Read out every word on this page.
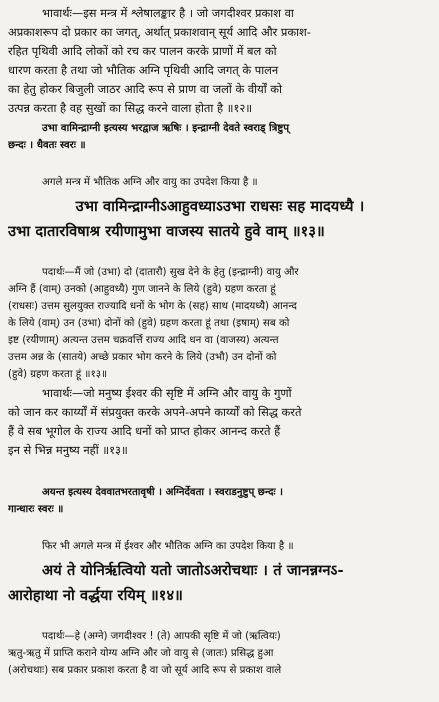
भावार्थः—इस मन्त्र में श्लेषालङ्कार है । जो जगदीश्वर प्रकाश वा
अप्रकाशरूप दो प्रकार का जगत्, अर्थात् प्रकाशवान् सूर्य आदि और प्रकाश-
रहित पृथिवी आदि लोकों को रच कर पालन करके प्राणों में बल को
धारण करता है तथा जो भौतिक अग्नि पृथिवी आदि जगत् के पालन
का हेतु होकर बिजुली जाठर आदि रूप से प्राण वा जलों के वीर्यों को
उत्पन्न करता है वह सुखों का सिद्ध करने वाला होता है ॥१२॥
उभा वामिन्द्राग्नी इत्यस्य भरद्वाज ऋषिः । इन्द्राग्नी देवते स्वराड् त्रिष्टुप्
छन्दः । धैवतः स्वरः ॥
अगले मन्त्र में भौतिक अग्नि और वायु का उपदेश किया है ॥
उभा वामिन्द्राग्नीऽआहुवध्याऽउभा राधसः सह मादयध्यै ।
उभा दातारविषाश्र रयीणामुभा वाजस्य सातये हुवे वाम् ॥१३॥
पदार्थः—मैं जो (उभा) दो (दातारौ) सुख देने के हेतु (इन्द्राग्नी) वायु और
अग्नि हैं (वाम्) उनको (आहुवध्यै) गुण जानने के लिये (हुवे) ग्रहण करता हूं
(राधसः) उत्तम सुलयुक्त राज्यादि धनों के भोग के (सह) साथ (मादयध्यै) आनन्द
के लिये (वाम्) उन (उभा) दोनों को (हुवे) ग्रहण करता हूं तथा (इषाम्) सब को
इष्ट (रयीणाम्) अत्यन्त उत्तम चक्रवर्त्ति राज्य आदि धन वा (वाजस्य) अत्यन्त
उत्तम अन्न के (सातये) अच्छे प्रकार भोग करने के लिये (उभौ) उन दोनों को
(हुवे) ग्रहण करता हूं ॥१३॥
भावार्थः—जो मनुष्य ईश्वर की सृष्टि में अग्नि और वायु के गुणों
को जान कर कार्य्यों में संप्रयुक्त करके अपने-अपने कार्य्यों को सिद्ध करते
हैं वे सब भूगोल के राज्य आदि धनों को प्राप्त होकर आनन्द करते हैं
इन से भिन्न मनुष्य नहीं ॥१३॥
अयन्त इत्यस्य देववातभरतावृषी । अग्निर्देवता । स्वराडनुष्टुप् छन्दः ।
गान्धारः स्वरः ॥
फिर भी अगले मन्त्र में ईश्वर और भौतिक अग्नि का उपदेश किया है ॥
अयं ते योनिर्ऋत्वियो यतो जातोऽअरोचथाः । तं जानन्नग्नऽ-
आरोहाथा नो वर्द्धया रयिम् ॥१४॥
पदार्थः—हे (अग्ने) जगदीश्वर ! (ते) आपकी सृष्टि में जो (ऋत्वियः)
ऋतु-ऋतु में प्राप्ति कराने योग्य अग्नि और जो वायु से (जातः) प्रसिद्ध हुआ
(अरोचथाः) सब प्रकार प्रकाश करता है वा जो सूर्य आदि रूप से प्रकाश वाले
